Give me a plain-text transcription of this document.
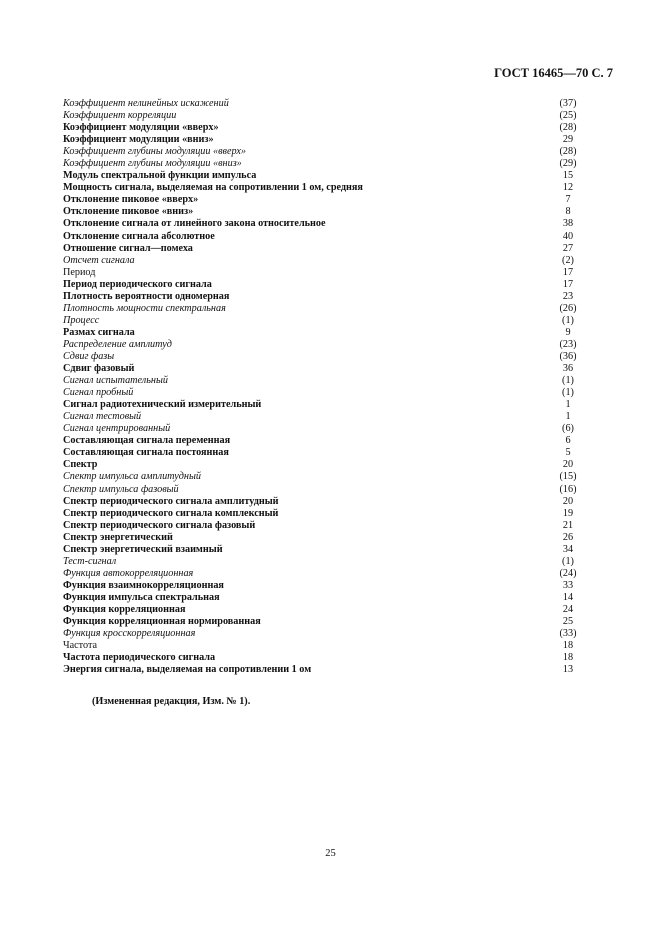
ГОСТ 16465—70 С. 7
Коэффициент нелинейных искажений	(37)
Коэффициент корреляции	(25)
Коэффициент модуляции «вверх»	(28)
Коэффициент модуляции «вниз»	29
Коэффициент глубины модуляции «вверх»	(28)
Коэффициент глубины модуляции «вниз»	(29)
Модуль спектральной функции импульса	15
Мощность сигнала, выделяемая на сопротивлении 1 ом, средняя	12
Отклонение пиковое «вверх»	7
Отклонение пиковое «вниз»	8
Отклонение сигнала от линейного закона относительное	38
Отклонение сигнала абсолютное	40
Отношение сигнал—помеха	27
Отсчет сигнала	(2)
Период	17
Период периодического сигнала	17
Плотность вероятности одномерная	23
Плотность мощности спектральная	(26)
Процесс	(1)
Размах сигнала	9
Распределение амплитуд	(23)
Сдвиг фазы	(36)
Сдвиг фазовый	36
Сигнал испытательный	(1)
Сигнал пробный	(1)
Сигнал радиотехнический измерительный	1
Сигнал тестовый	1
Сигнал центрированный	(6)
Составляющая сигнала переменная	6
Составляющая сигнала постоянная	5
Спектр	20
Спектр импульса амплитудный	(15)
Спектр импульса фазовый	(16)
Спектр периодического сигнала амплитудный	20
Спектр периодического сигнала комплексный	19
Спектр периодического сигнала фазовый	21
Спектр энергетический	26
Спектр энергетический взаимный	34
Тест-сигнал	(1)
Функция автокорреляционная	(24)
Функция взаимнокорреляционная	33
Функция импульса спектральная	14
Функция корреляционная	24
Функция корреляционная нормированная	25
Функция кросскорреляционная	(33)
Частота	18
Частота периодического сигнала	18
Энергия сигнала, выделяемая на сопротивлении 1 ом	13
(Измененная редакция, Изм. № 1).
25
